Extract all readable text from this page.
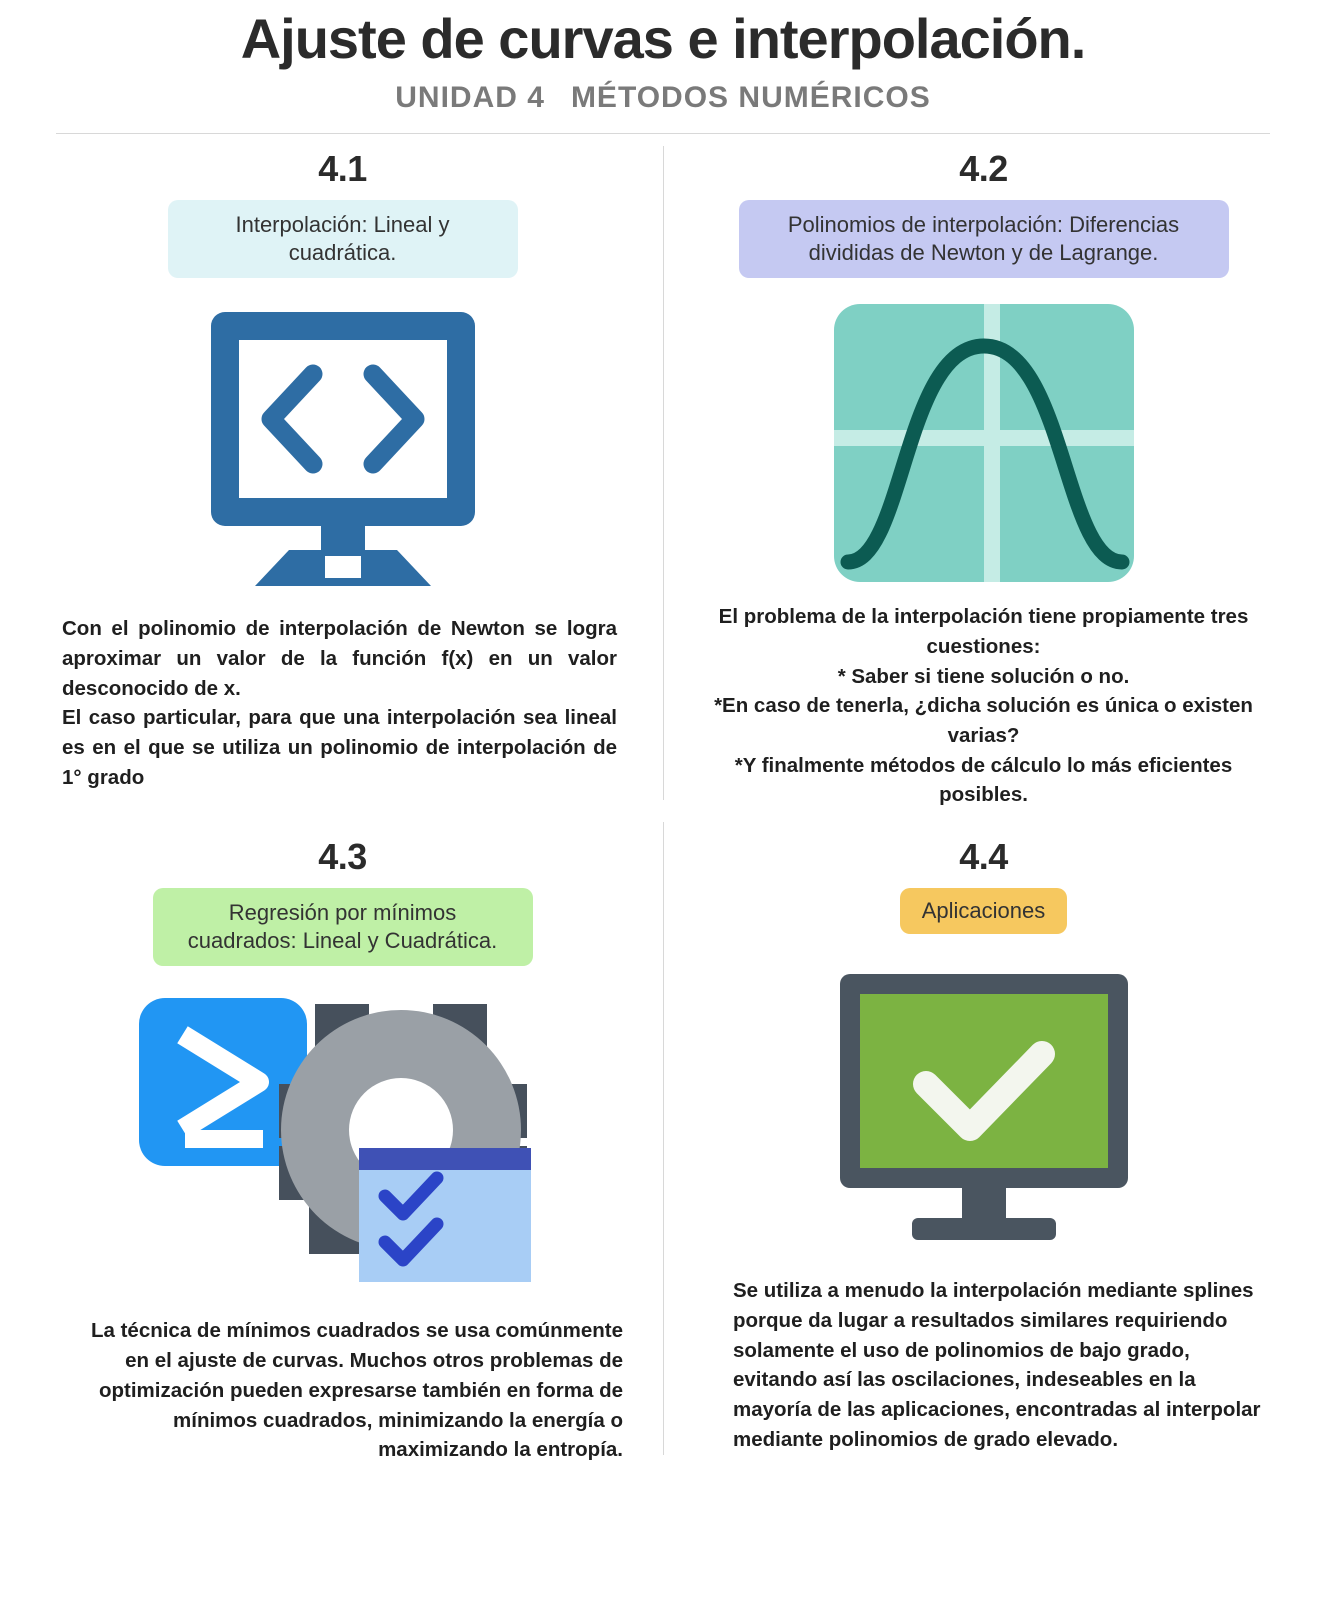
Ajuste de curvas e interpolación.
UNIDAD 4 MÉTODOS NUMÉRICOS
4.1
Interpolación: Lineal y cuadrática.

Con el polinomio de interpolación de Newton se logra aproximar un valor de la función f(x) en un valor desconocido de x.

El caso particular, para que una interpolación sea lineal es en el que se utiliza un polinomio de interpolación de 1° grado

4.2
Polinomios de interpolación: Diferencias divididas de Newton y de Lagrange.

El problema de la interpolación tiene propiamente tres cuestiones:

* Saber si tiene solución o no.

*En caso de tenerla, ¿dicha solución es única o existen varias?

*Y finalmente métodos de cálculo lo más eficientes posibles.

4.3
Regresión por mínimos cuadrados: Lineal y Cuadrática.

La técnica de mínimos cuadrados se usa comúnmente en el ajuste de curvas. Muchos otros problemas de optimización pueden expresarse también en forma de mínimos cuadrados, minimizando la energía o maximizando la entropía.

4.4
Aplicaciones

Se utiliza a menudo la interpolación mediante splines porque da lugar a resultados similares requiriendo solamente el uso de polinomios de bajo grado, evitando así las oscilaciones, indeseables en la mayoría de las aplicaciones, encontradas al interpolar mediante polinomios de grado elevado.
